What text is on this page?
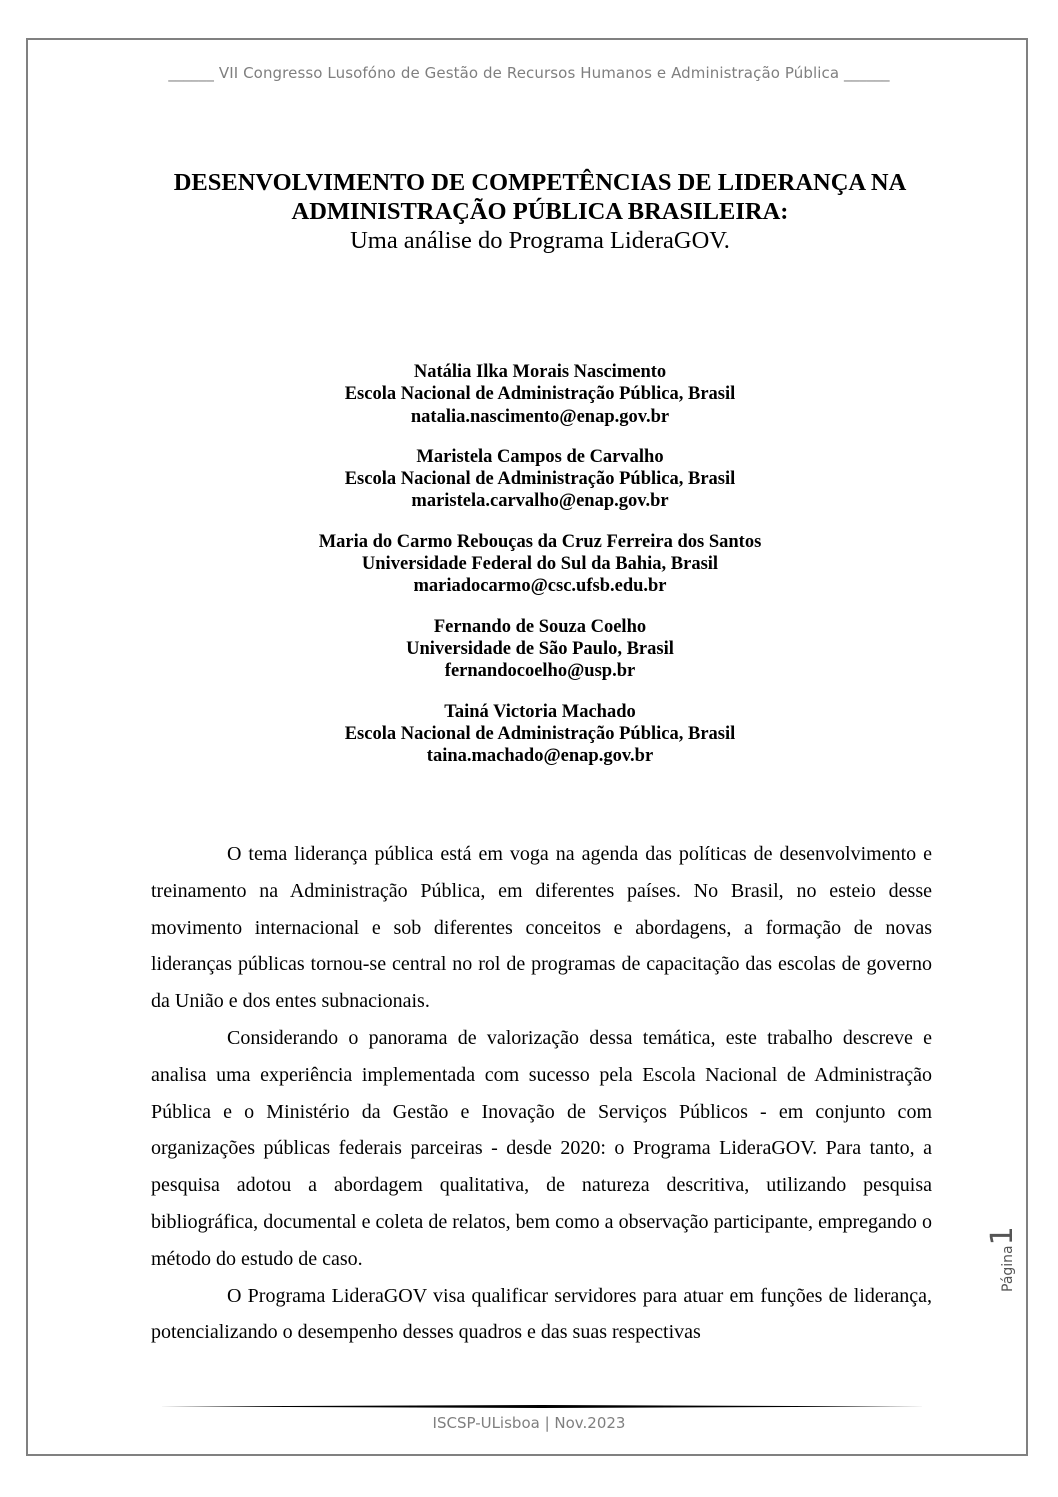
______ VII Congresso Lusofóno de Gestão de Recursos Humanos e Administração Pública ______
DESENVOLVIMENTO DE COMPETÊNCIAS DE LIDERANÇA NA
ADMINISTRAÇÃO PÚBLICA BRASILEIRA:
Uma análise do Programa LideraGOV.
Natália Ilka Morais Nascimento
Escola Nacional de Administração Pública, Brasil
natalia.nascimento@enap.gov.br
Maristela Campos de Carvalho
Escola Nacional de Administração Pública, Brasil
maristela.carvalho@enap.gov.br
Maria do Carmo Rebouças da Cruz Ferreira dos Santos
Universidade Federal do Sul da Bahia, Brasil
mariadocarmo@csc.ufsb.edu.br
Fernando de Souza Coelho
Universidade de São Paulo, Brasil
fernandocoelho@usp.br
Tainá Victoria Machado
Escola Nacional de Administração Pública, Brasil
taina.machado@enap.gov.br

O tema liderança pública está em voga na agenda das políticas de desenvolvimento e treinamento na Administração Pública, em diferentes países. No Brasil, no esteio desse movimento internacional e sob diferentes conceitos e abordagens, a formação de novas lideranças públicas tornou-se central no rol de programas de capacitação das escolas de governo da União e dos entes subnacionais.

Considerando o panorama de valorização dessa temática, este trabalho descreve e analisa uma experiência implementada com sucesso pela Escola Nacional de Administração Pública e o Ministério da Gestão e Inovação de Serviços Públicos - em conjunto com organizações públicas federais parceiras - desde 2020: o Programa LideraGOV. Para tanto, a pesquisa adotou a abordagem qualitativa, de natureza descritiva, utilizando pesquisa bibliográfica, documental e coleta de relatos, bem como a observação participante, empregando o método do estudo de caso.

O Programa LideraGOV visa qualificar servidores para atuar em funções de liderança, potencializando o desempenho desses quadros e das suas respectivas

Página1
ISCSP-ULisboa | Nov.2023
